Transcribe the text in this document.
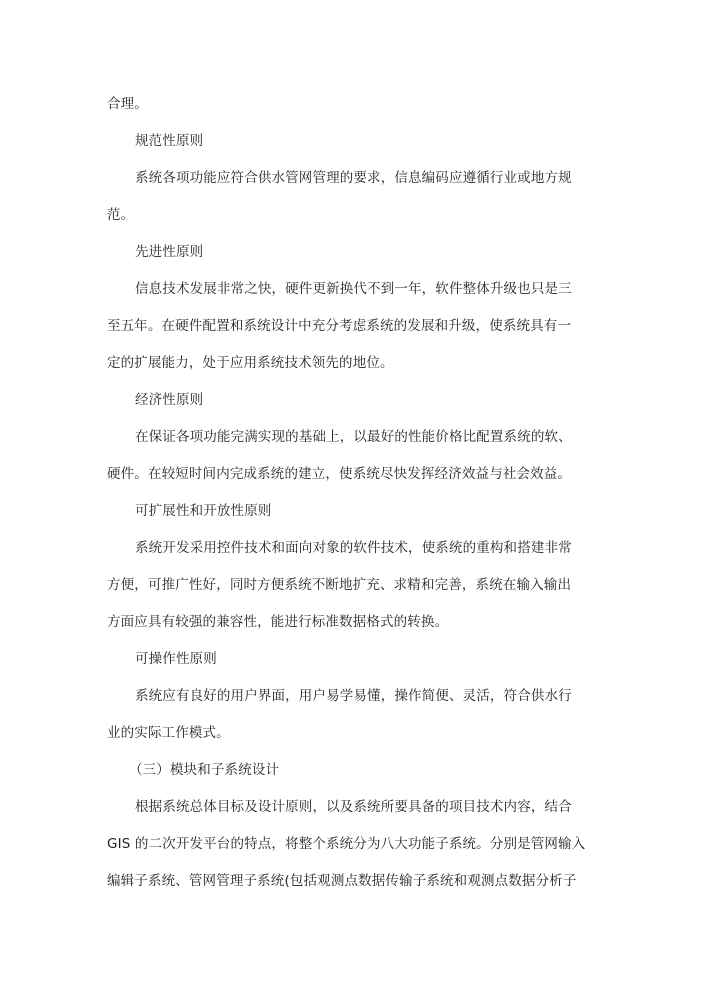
合理。
规范性原则
系统各项功能应符合供水管网管理的要求，信息编码应遵循行业或地方规
范。
先进性原则
信息技术发展非常之快，硬件更新换代不到一年，软件整体升级也只是三
至五年。在硬件配置和系统设计中充分考虑系统的发展和升级，使系统具有一
定的扩展能力，处于应用系统技术领先的地位。
经济性原则
在保证各项功能完满实现的基础上，以最好的性能价格比配置系统的软、
硬件。在较短时间内完成系统的建立，使系统尽快发挥经济效益与社会效益。
可扩展性和开放性原则
系统开发采用控件技术和面向对象的软件技术，使系统的重构和搭建非常
方便，可推广性好，同时方便系统不断地扩充、求精和完善，系统在输入输出
方面应具有较强的兼容性，能进行标准数据格式的转换。
可操作性原则
系统应有良好的用户界面，用户易学易懂，操作简便、灵活，符合供水行
业的实际工作模式。
（三）模块和子系统设计
根据系统总体目标及设计原则，以及系统所要具备的项目技术内容，结合
GIS 的二次开发平台的特点，将整个系统分为八大功能子系统。分别是管网输入
编辑子系统、管网管理子系统(包括观测点数据传输子系统和观测点数据分析子
